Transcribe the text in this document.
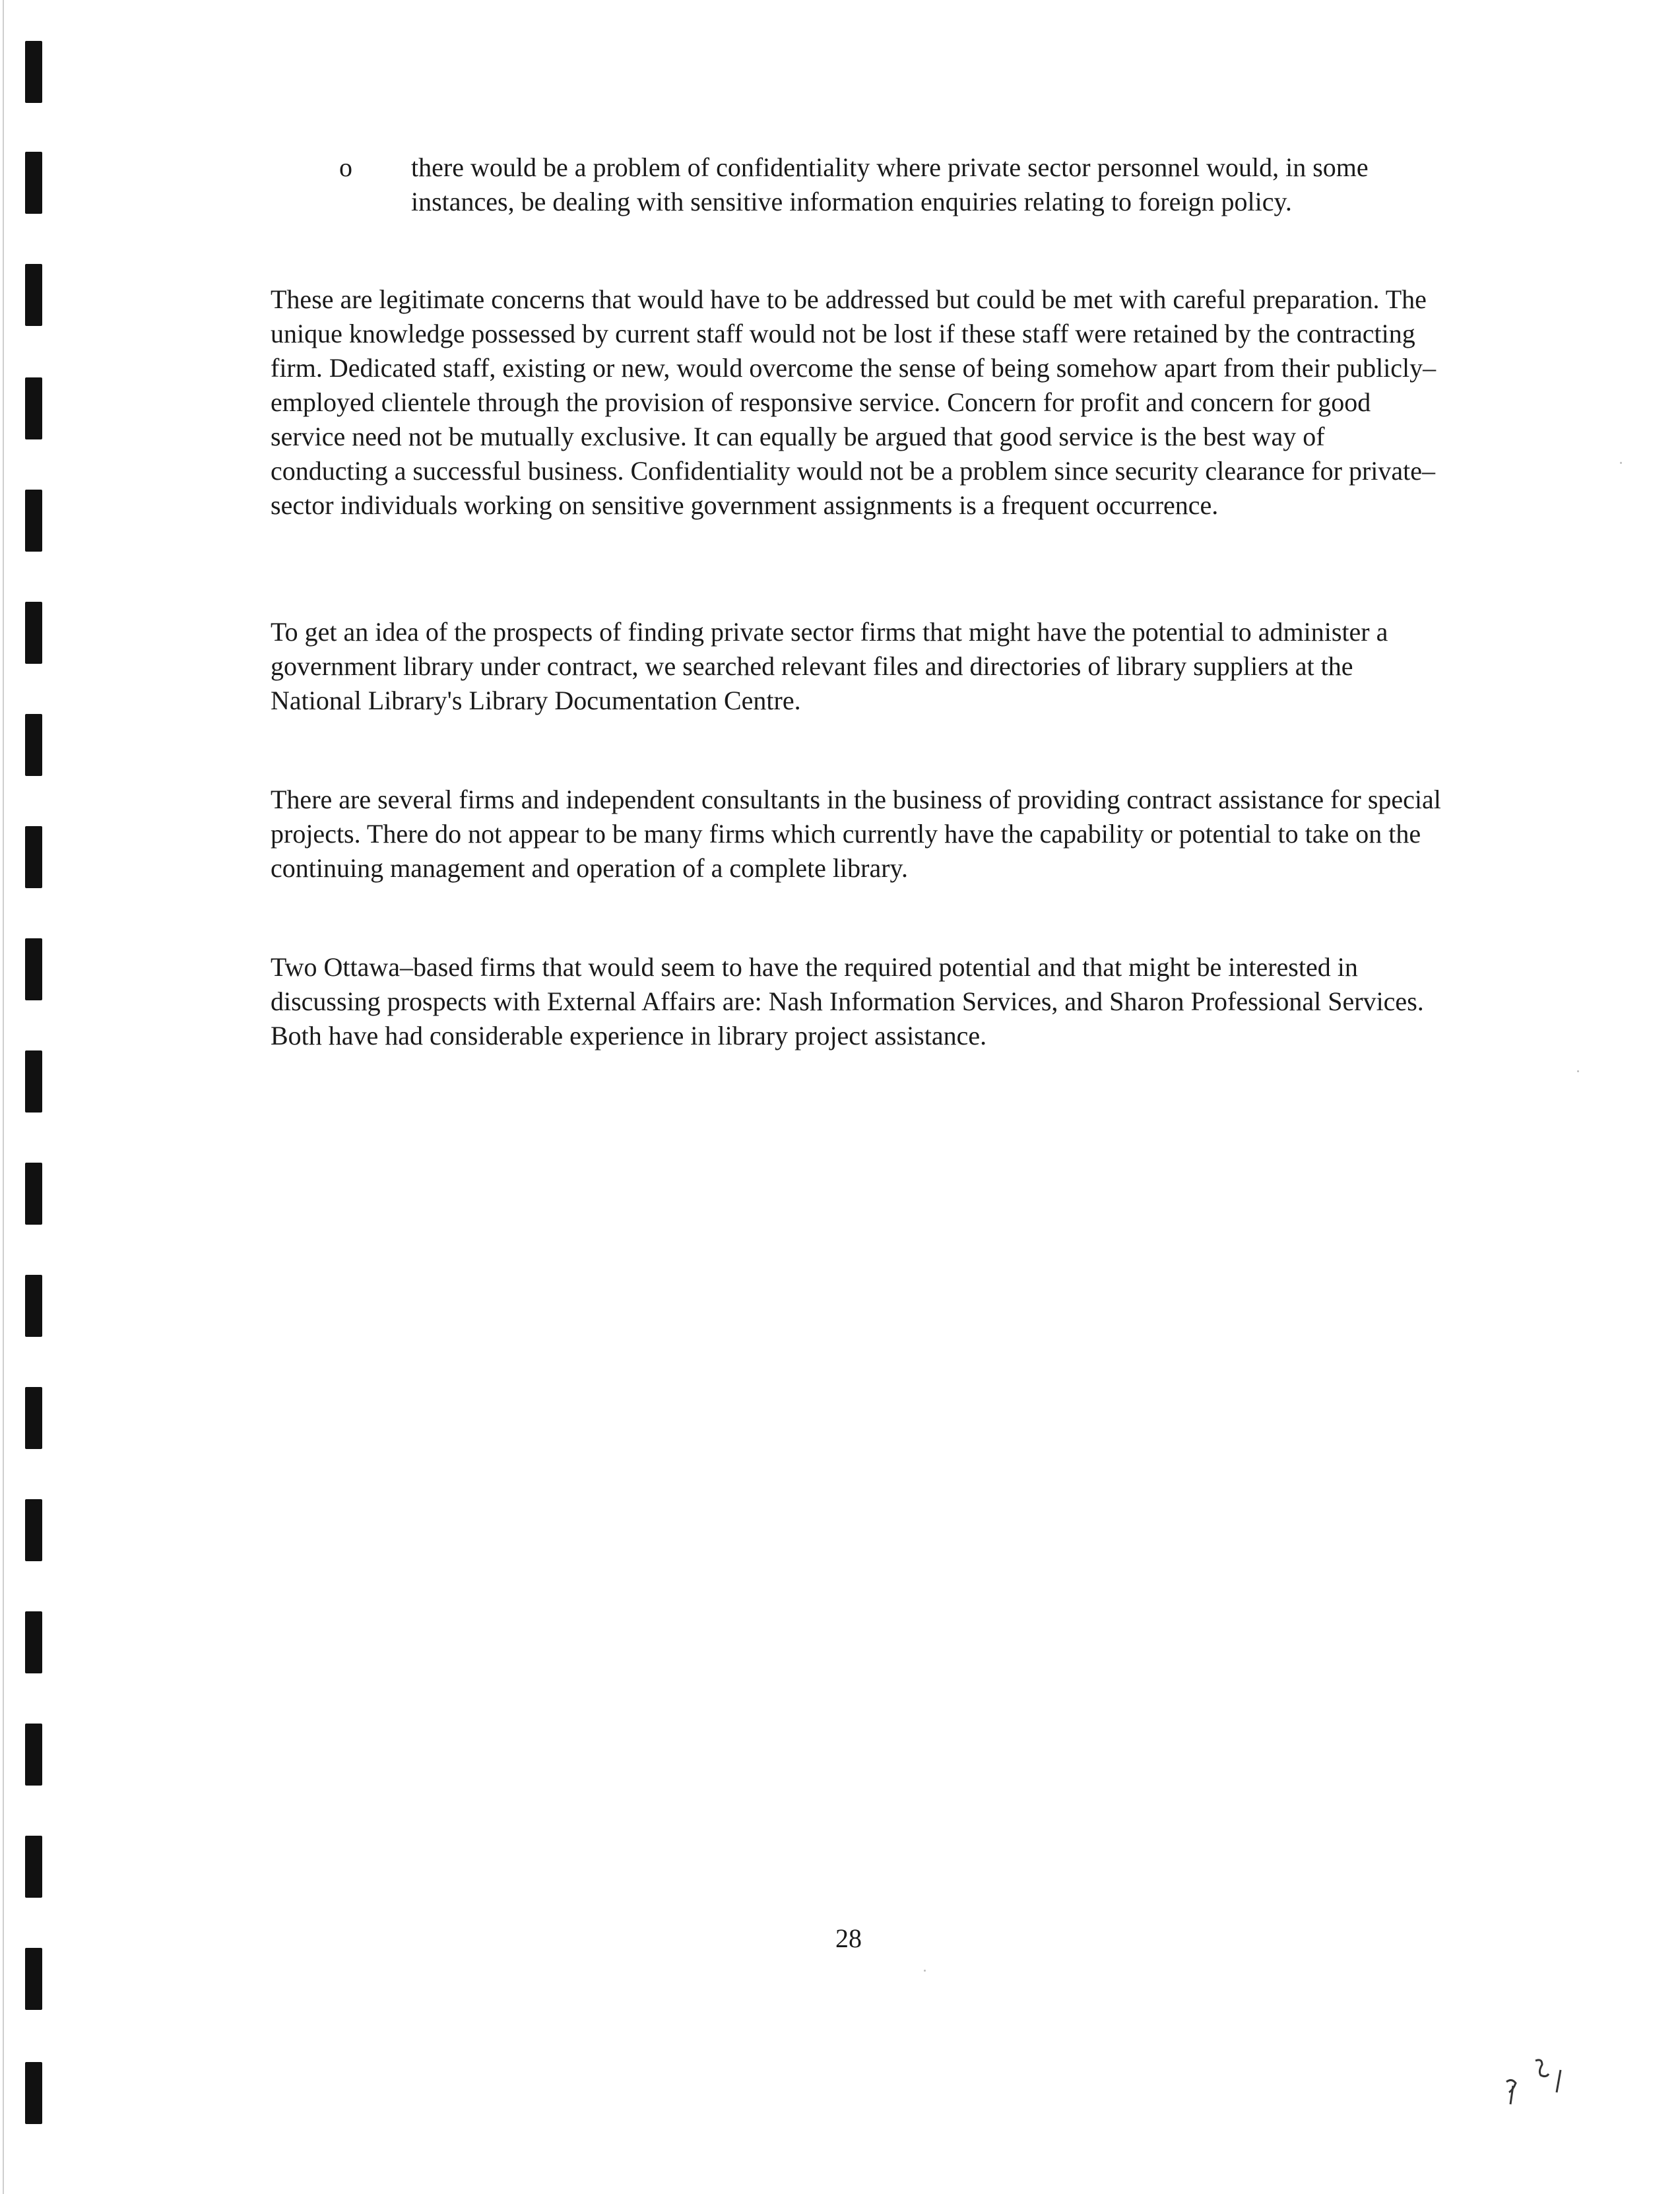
o there would be a problem of confidentiality where private sector personnel would, in some instances, be dealing with sensitive information enquiries relating to foreign policy.

These are legitimate concerns that would have to be addressed but could be met with careful preparation. The unique knowledge possessed by current staff would not be lost if these staff were retained by the contracting firm. Dedicated staff, existing or new, would overcome the sense of being somehow apart from their publicly–employed clientele through the provision of responsive service. Concern for profit and concern for good service need not be mutually exclusive. It can equally be argued that good service is the best way of conducting a successful business. Confidentiality would not be a problem since security clearance for private–sector individuals working on sensitive government assignments is a frequent occurrence.

To get an idea of the prospects of finding private sector firms that might have the potential to administer a government library under contract, we searched relevant files and directories of library suppliers at the National Library's Library Documentation Centre.

There are several firms and independent consultants in the business of providing contract assistance for special projects. There do not appear to be many firms which currently have the capability or potential to take on the continuing management and operation of a complete library.

Two Ottawa–based firms that would seem to have the required potential and that might be interested in discussing prospects with External Affairs are: Nash Information Services, and Sharon Professional Services. Both have had considerable experience in library project assistance.

28
